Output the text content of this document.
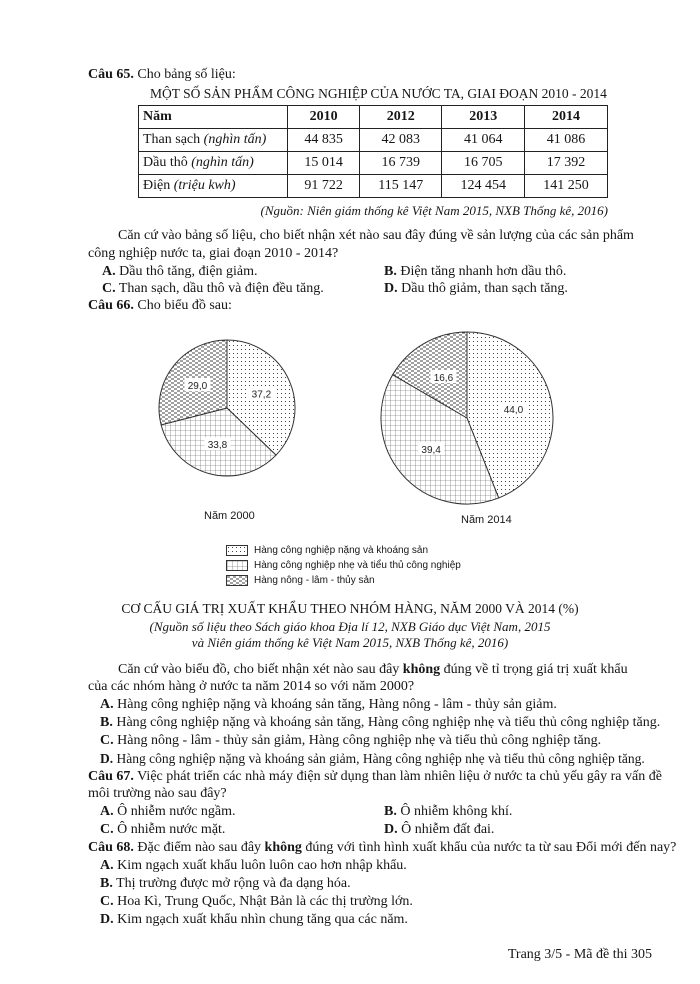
Câu 65. Cho bảng số liệu:
MỘT SỐ SẢN PHẨM CÔNG NGHIỆP CỦA NƯỚC TA, GIAI ĐOẠN 2010 - 2014
Năm	2010	2012	2013	2014
Than sạch (nghìn tấn)	44 835	42 083	41 064	41 086
Dầu thô (nghìn tấn)	15 014	16 739	16 705	17 392
Điện (triệu kwh)	91 722	115 147	124 454	141 250
(Nguồn: Niên giám thống kê Việt Nam 2015, NXB Thống kê, 2016)
Căn cứ vào bảng số liệu, cho biết nhận xét nào sau đây đúng về sản lượng của các sản phẩm
công nghiệp nước ta, giai đoạn 2010 - 2014?
A. Dầu thô tăng, điện giảm.	B. Điện tăng nhanh hơn dầu thô.
C. Than sạch, dầu thô và điện đều tăng.	D. Dầu thô giảm, than sạch tăng.
Câu 66. Cho biểu đồ sau:
37,2
33,8
29,0
44,0
39,4
16,6
Năm 2000	Năm 2014
Hàng công nghiệp nặng và khoáng sản
Hàng công nghiệp nhẹ và tiểu thủ công nghiệp
Hàng nông - lâm - thủy sản
CƠ CẤU GIÁ TRỊ XUẤT KHẨU THEO NHÓM HÀNG, NĂM 2000 VÀ 2014 (%)
(Nguồn số liệu theo Sách giáo khoa Địa lí 12, NXB Giáo dục Việt Nam, 2015
và Niên giám thống kê Việt Nam 2015, NXB Thống kê, 2016)
Căn cứ vào biểu đồ, cho biết nhận xét nào sau đây không đúng về tỉ trọng giá trị xuất khẩu
của các nhóm hàng ở nước ta năm 2014 so với năm 2000?
A. Hàng công nghiệp nặng và khoáng sản tăng, Hàng nông - lâm - thủy sản giảm.
B. Hàng công nghiệp nặng và khoáng sản tăng, Hàng công nghiệp nhẹ và tiểu thủ công nghiệp tăng.
C. Hàng nông - lâm - thủy sản giảm, Hàng công nghiệp nhẹ và tiểu thủ công nghiệp tăng.
D. Hàng công nghiệp nặng và khoáng sản giảm, Hàng công nghiệp nhẹ và tiểu thủ công nghiệp tăng.
Câu 67. Việc phát triển các nhà máy điện sử dụng than làm nhiên liệu ở nước ta chủ yếu gây ra vấn đề
môi trường nào sau đây?
A. Ô nhiễm nước ngầm.	B. Ô nhiễm không khí.
C. Ô nhiễm nước mặt.	D. Ô nhiễm đất đai.
Câu 68. Đặc điểm nào sau đây không đúng với tình hình xuất khẩu của nước ta từ sau Đổi mới đến nay?
A. Kim ngạch xuất khẩu luôn luôn cao hơn nhập khẩu.
B. Thị trường được mở rộng và đa dạng hóa.
C. Hoa Kì, Trung Quốc, Nhật Bản là các thị trường lớn.
D. Kim ngạch xuất khẩu nhìn chung tăng qua các năm.
Trang 3/5 - Mã đề thi 305
